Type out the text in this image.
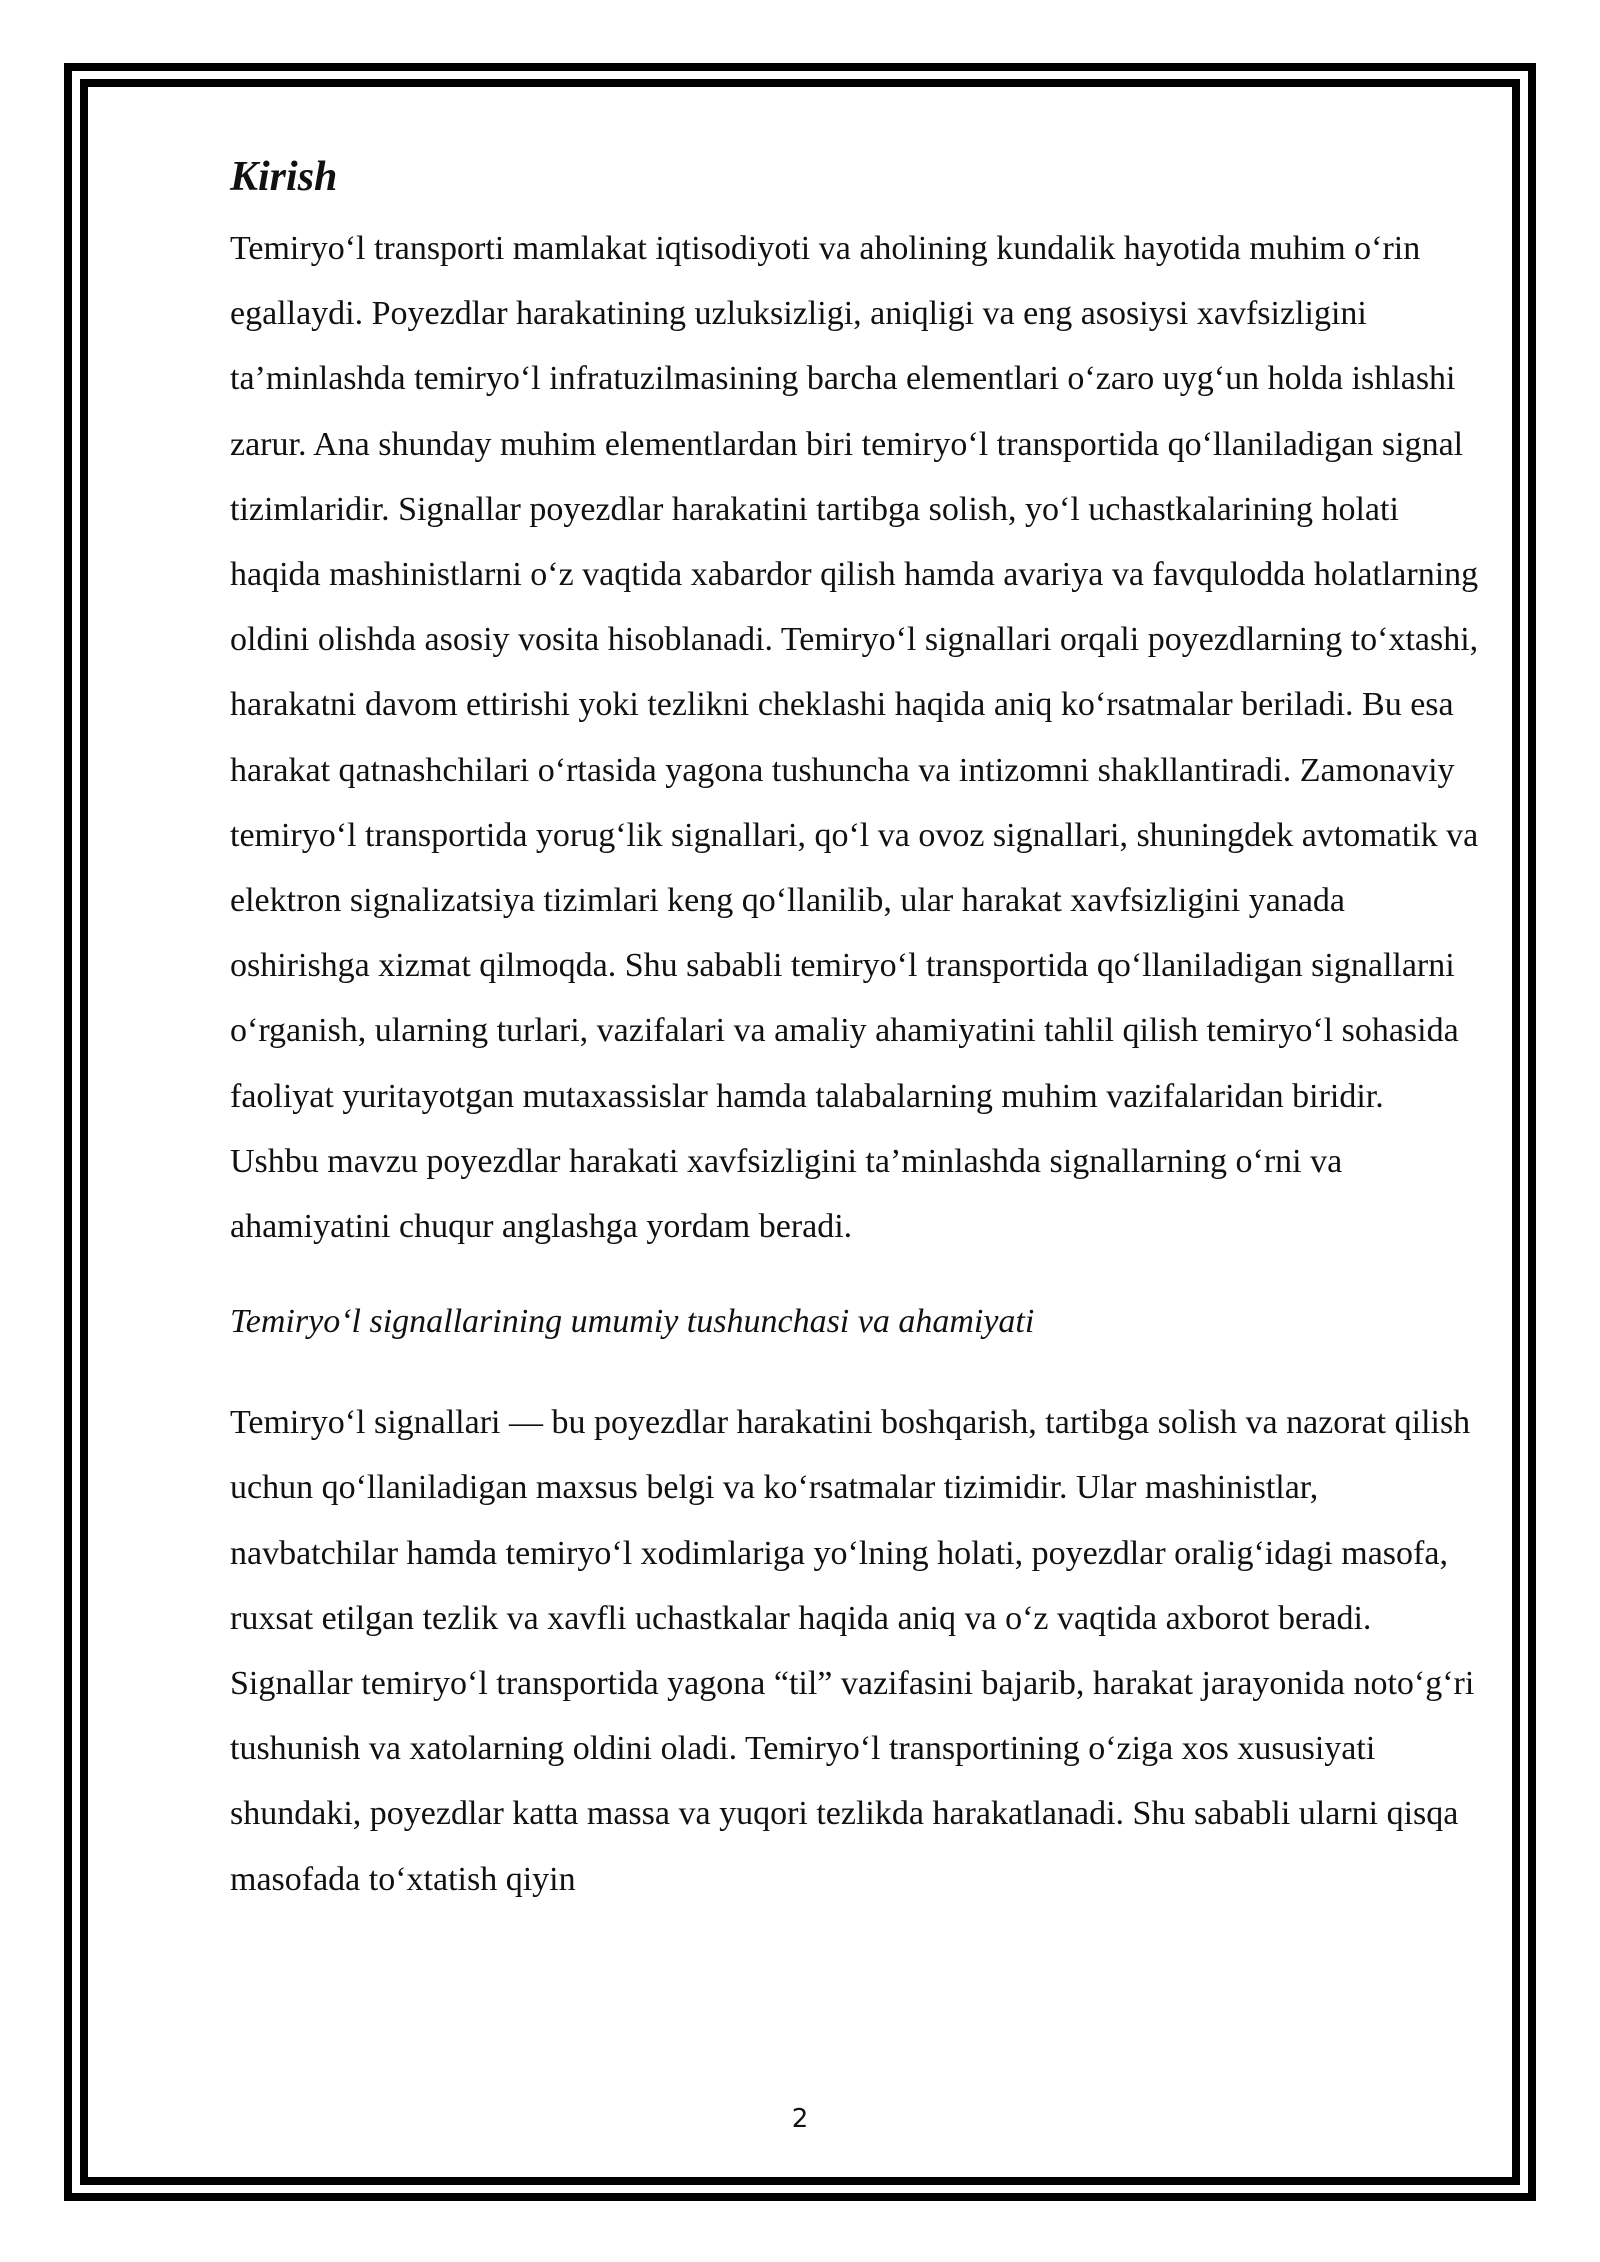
Kirish

Temiryo‘l transporti mamlakat iqtisodiyoti va aholining kundalik hayotida muhim o‘rin egallaydi. Poyezdlar harakatining uzluksizligi, aniqligi va eng asosiysi xavfsizligini ta’minlashda temiryo‘l infratuzilmasining barcha elementlari o‘zaro uyg‘un holda ishlashi zarur. Ana shunday muhim elementlardan biri temiryo‘l transportida qo‘llaniladigan signal tizimlaridir. Signallar poyezdlar harakatini tartibga solish, yo‘l uchastkalarining holati haqida mashinistlarni o‘z vaqtida xabardor qilish hamda avariya va favqulodda holatlarning oldini olishda asosiy vosita hisoblanadi. Temiryo‘l signallari orqali poyezdlarning to‘xtashi, harakatni davom ettirishi yoki tezlikni cheklashi haqida aniq ko‘rsatmalar beriladi. Bu esa harakat qatnashchilari o‘rtasida yagona tushuncha va intizomni shakllantiradi. Zamonaviy temiryo‘l transportida yorug‘lik signallari, qo‘l va ovoz signallari, shuningdek avtomatik va elektron signalizatsiya tizimlari keng qo‘llanilib, ular harakat xavfsizligini yanada oshirishga xizmat qilmoqda. Shu sababli temiryo‘l transportida qo‘llaniladigan signallarni o‘rganish, ularning turlari, vazifalari va amaliy ahamiyatini tahlil qilish temiryo‘l sohasida faoliyat yuritayotgan mutaxassislar hamda talabalarning muhim vazifalaridan biridir. Ushbu mavzu poyezdlar harakati xavfsizligini ta’minlashda signallarning o‘rni va ahamiyatini chuqur anglashga yordam beradi.

Temiryo‘l signallarining umumiy tushunchasi va ahamiyati

Temiryo‘l signallari — bu poyezdlar harakatini boshqarish, tartibga solish va nazorat qilish uchun qo‘llaniladigan maxsus belgi va ko‘rsatmalar tizimidir. Ular mashinistlar, navbatchilar hamda temiryo‘l xodimlariga yo‘lning holati, poyezdlar oralig‘idagi masofa, ruxsat etilgan tezlik va xavfli uchastkalar haqida aniq va o‘z vaqtida axborot beradi. Signallar temiryo‘l transportida yagona “til” vazifasini bajarib, harakat jarayonida noto‘g‘ri tushunish va xatolarning oldini oladi. Temiryo‘l transportining o‘ziga xos xususiyati shundaki, poyezdlar katta massa va yuqori tezlikda harakatlanadi. Shu sababli ularni qisqa masofada to‘xtatish qiyin

2
